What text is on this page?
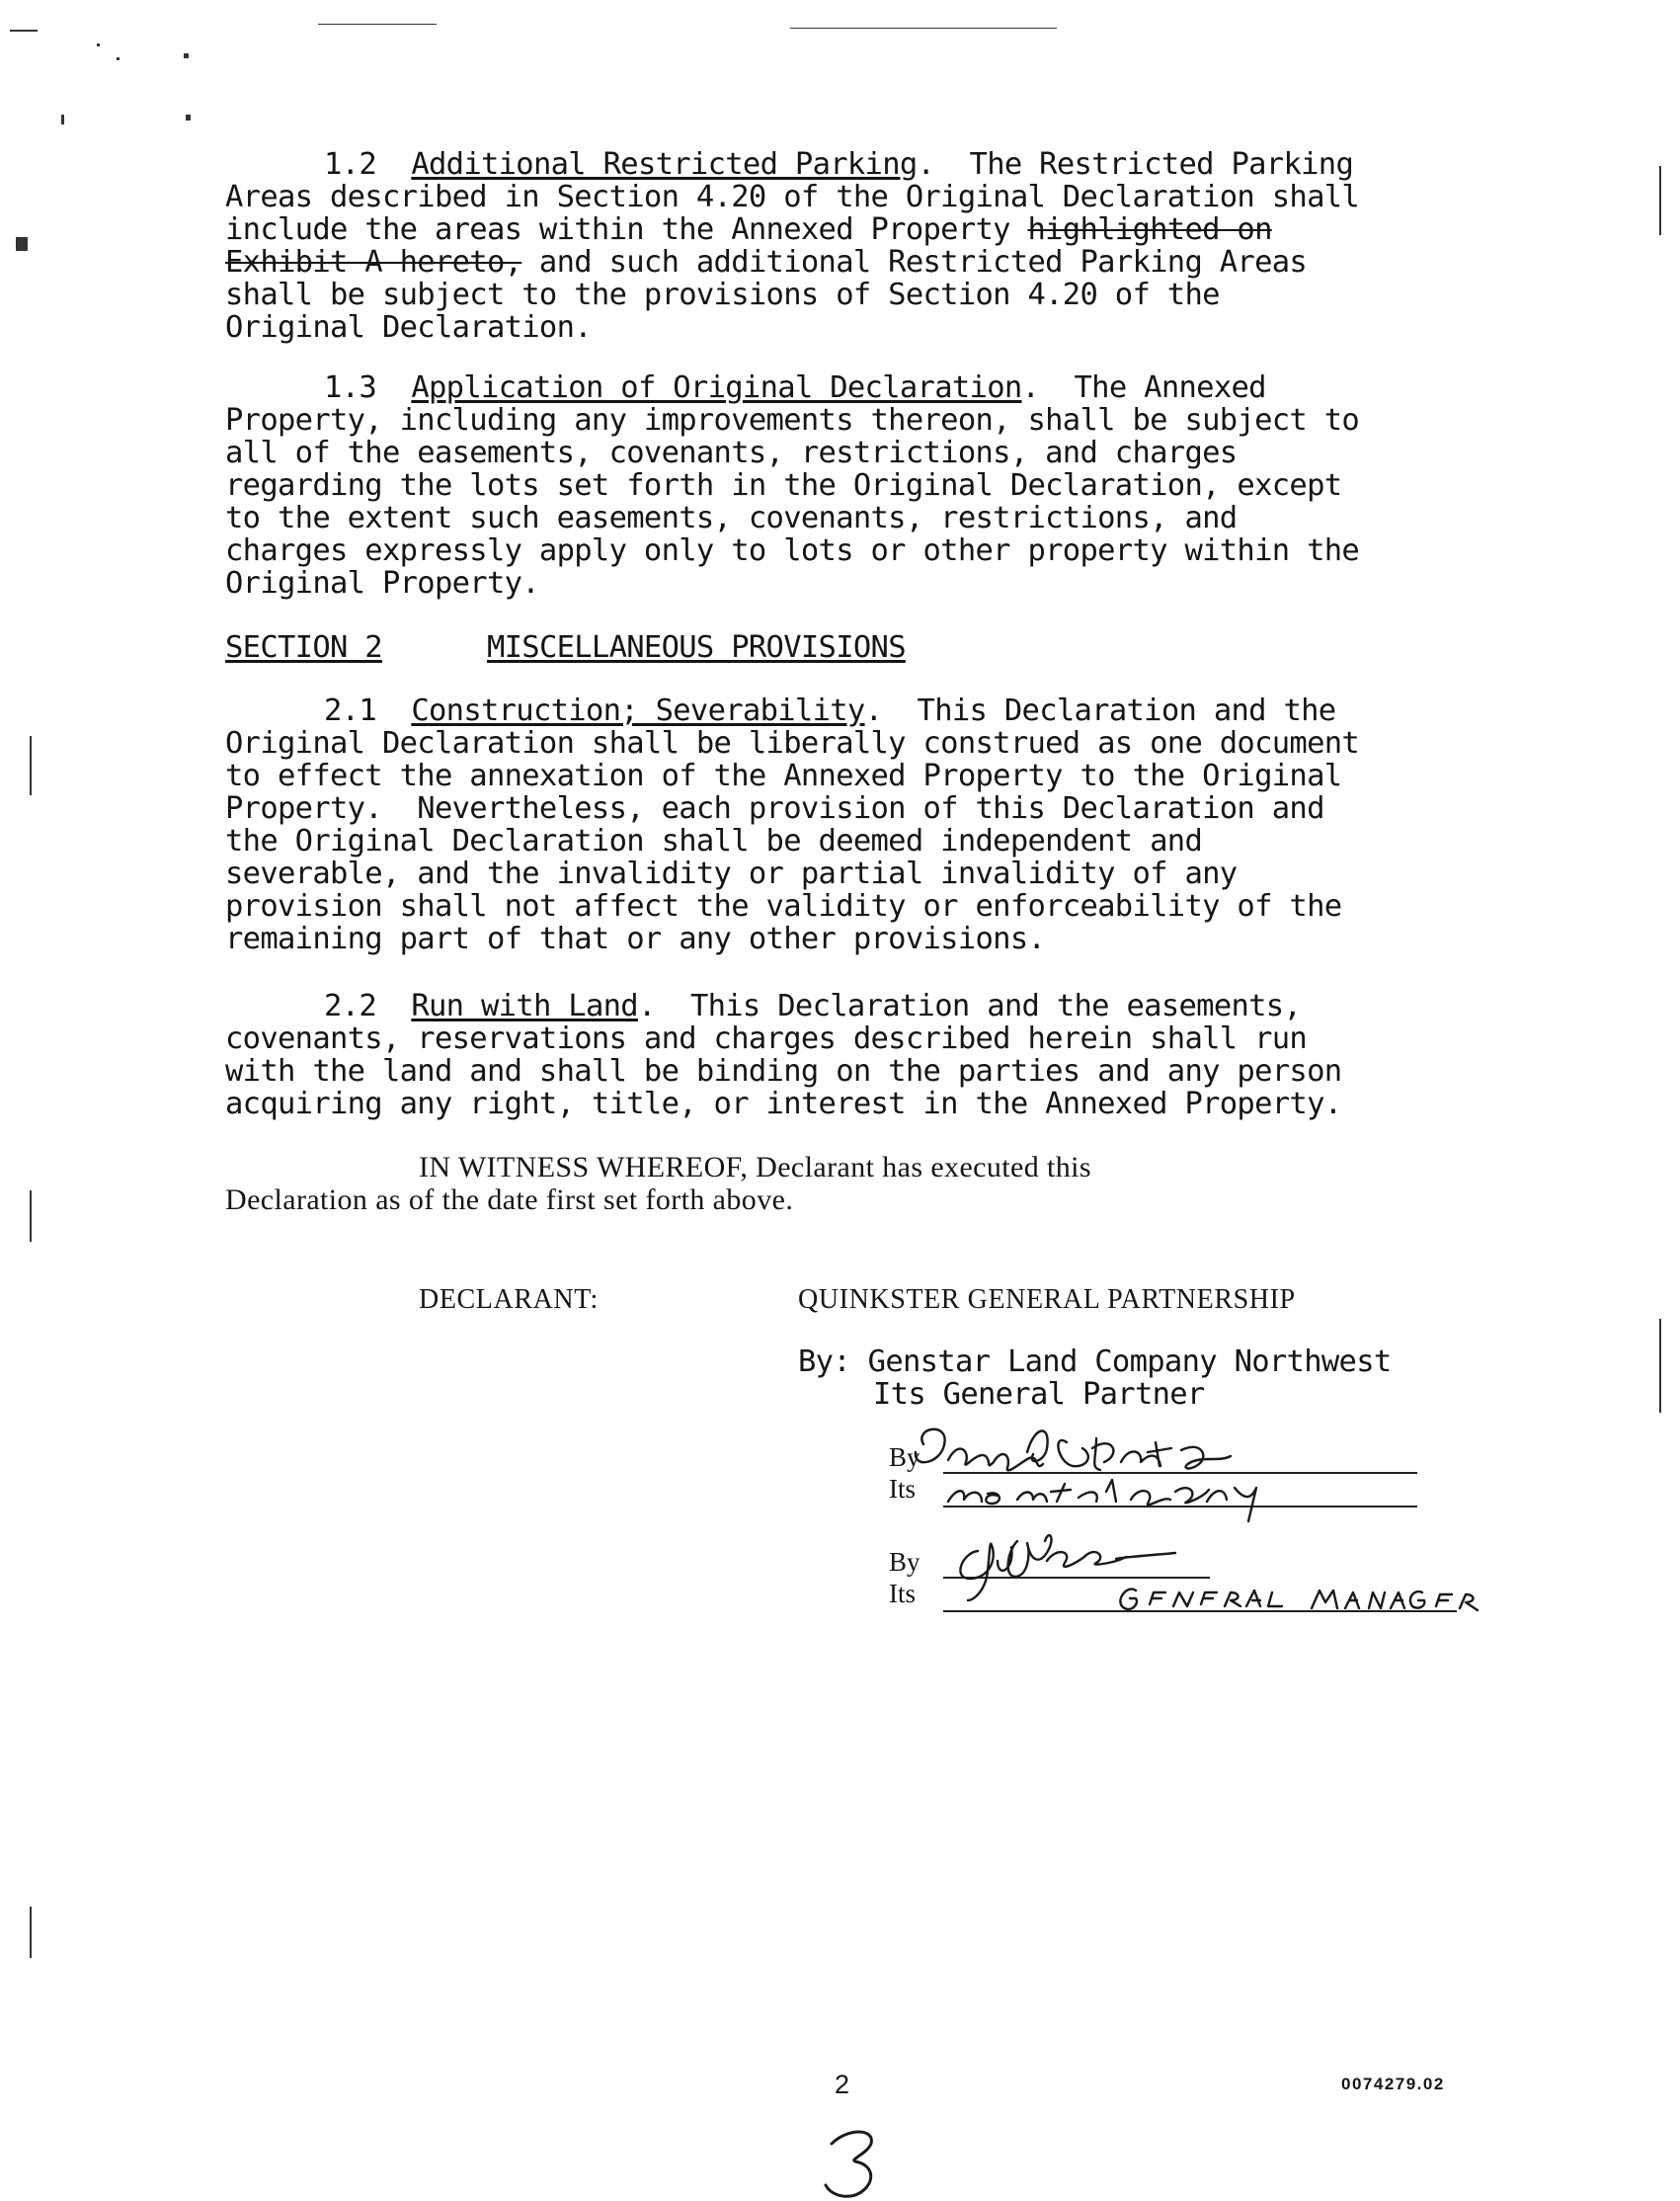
1.2 Additional Restricted Parking.  The Restricted Parking
Areas described in Section 4.20 of the Original Declaration shall
include the areas within the Annexed Property highlighted on
Exhibit A hereto, and such additional Restricted Parking Areas
shall be subject to the provisions of Section 4.20 of the
Original Declaration.
1.3 Application of Original Declaration.  The Annexed
Property, including any improvements thereon, shall be subject to
all of the easements, covenants, restrictions, and charges
regarding the lots set forth in the Original Declaration, except
to the extent such easements, covenants, restrictions, and
charges expressly apply only to lots or other property within the
Original Property.
SECTION 2	MISCELLANEOUS PROVISIONS
2.1 Construction; Severability.  This Declaration and the
Original Declaration shall be liberally construed as one document
to effect the annexation of the Annexed Property to the Original
Property.  Nevertheless, each provision of this Declaration and
the Original Declaration shall be deemed independent and
severable, and the invalidity or partial invalidity of any
provision shall not affect the validity or enforceability of the
remaining part of that or any other provisions.
2.2 Run with Land.  This Declaration and the easements,
covenants, reservations and charges described herein shall run
with the land and shall be binding on the parties and any person
acquiring any right, title, or interest in the Annexed Property.
IN WITNESS WHEREOF, Declarant has executed this
Declaration as of the date first set forth above.
DECLARANT:	QUINKSTER GENERAL PARTNERSHIP
By: Genstar Land Company Northwest
Its General Partner
By
Its
By
Its
2	0074279.02
